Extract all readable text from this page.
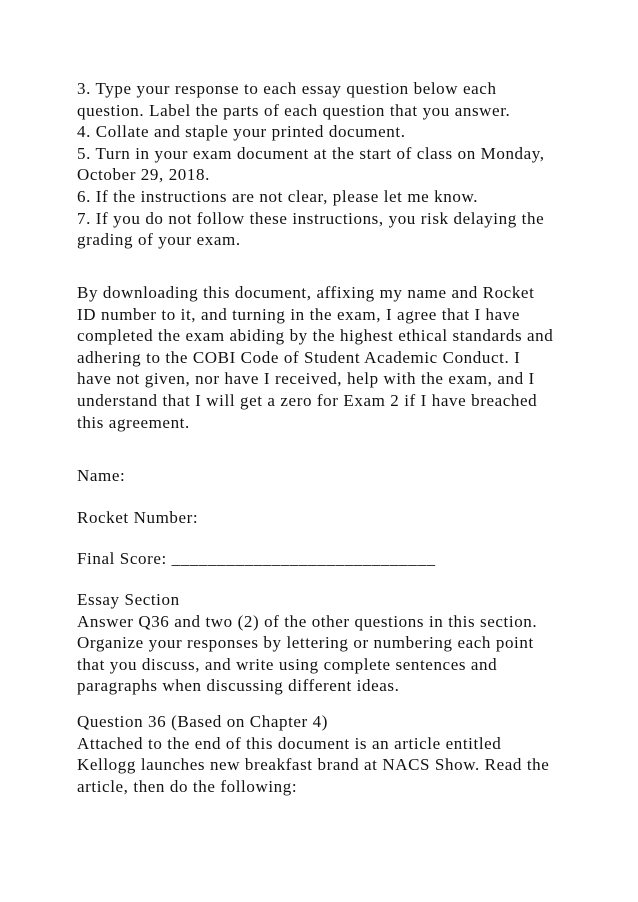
3. Type your response to each essay question below each
question. Label the parts of each question that you answer.
4. Collate and staple your printed document.
5. Turn in your exam document at the start of class on Monday,
October 29, 2018.
6. If the instructions are not clear, please let me know.
7. If you do not follow these instructions, you risk delaying the
grading of your exam.
By downloading this document, affixing my name and Rocket
ID number to it, and turning in the exam, I agree that I have
completed the exam abiding by the highest ethical standards and
adhering to the COBI Code of Student Academic Conduct. I
have not given, nor have I received, help with the exam, and I
understand that I will get a zero for Exam 2 if I have breached
this agreement.
Name:
Rocket Number:
Final Score: _____________________________
Essay Section
Answer Q36 and two (2) of the other questions in this section.
Organize your responses by lettering or numbering each point
that you discuss, and write using complete sentences and
paragraphs when discussing different ideas.
Question 36 (Based on Chapter 4)
Attached to the end of this document is an article entitled
Kellogg launches new breakfast brand at NACS Show. Read the
article, then do the following:
